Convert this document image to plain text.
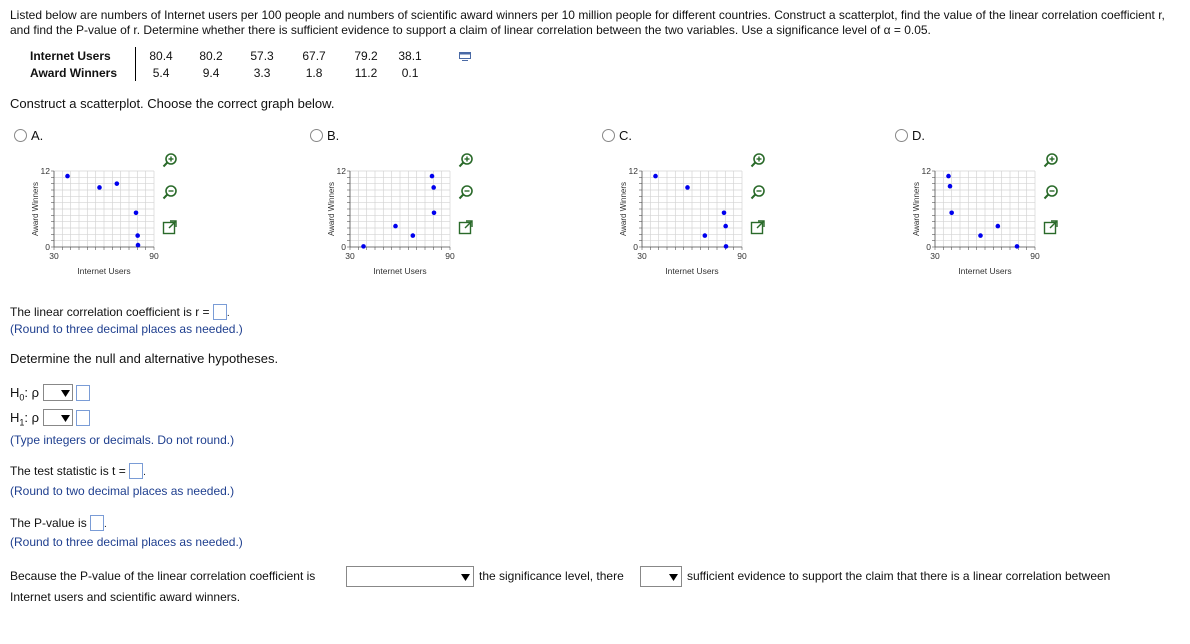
Listed below are numbers of Internet users per 100 people and numbers of scientific award winners per 10 million people for different countries. Construct a scatterplot, find the value of the linear correlation coefficient r, and find the P-value of r. Determine whether there is sufficient evidence to support a claim of linear correlation between the two variables. Use a significance level of α = 0.05.
Internet Users	80.4	80.2	57.3	67.7	79.2	38.1
Award Winners	5.4	9.4	3.3	1.8	11.2	0.1
Construct a scatterplot. Choose the correct graph below.
A.
12
0
30	90
Internet Users
Award Winners
B.
12
0
30	90
Internet Users
Award Winners
C.
12
0
30	90
Internet Users
Award Winners
D.
12
0
30	90
Internet Users
Award Winners
The linear correlation coefficient is r = .
(Round to three decimal places as needed.)
Determine the null and alternative hypotheses.
$H_0$: ρ

$H_1$: ρ

(Type integers or decimals. Do not round.)
The test statistic is t = .
(Round to two decimal places as needed.)
The P-value is .
(Round to three decimal places as needed.)
Because the P-value of the linear correlation coefficient is	the significance level, there	sufficient evidence to support the claim that there is a linear correlation between
Internet users and scientific award winners.
